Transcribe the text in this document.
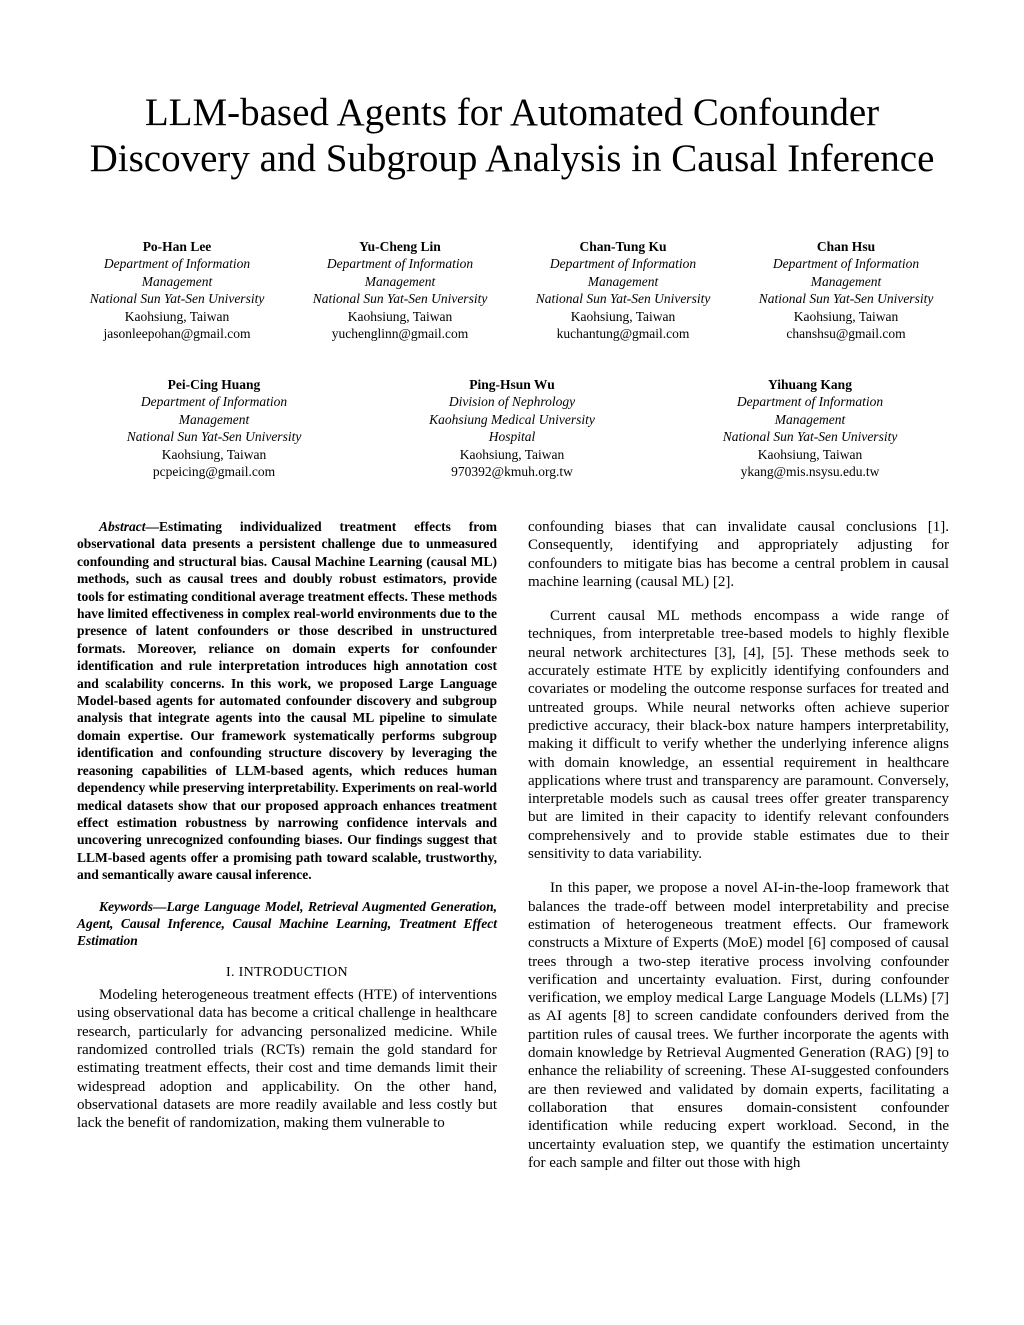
LLM-based Agents for Automated Confounder
Discovery and Subgroup Analysis in Causal Inference
Po-Han Lee
Department of Information
Management
National Sun Yat-Sen University
Kaohsiung, Taiwan
jasonleepohan@gmail.com
Yu-Cheng Lin
Department of Information
Management
National Sun Yat-Sen University
Kaohsiung, Taiwan
yuchenglinn@gmail.com
Chan-Tung Ku
Department of Information
Management
National Sun Yat-Sen University
Kaohsiung, Taiwan
kuchantung@gmail.com
Chan Hsu
Department of Information
Management
National Sun Yat-Sen University
Kaohsiung, Taiwan
chanshsu@gmail.com
Pei-Cing Huang
Department of Information
Management
National Sun Yat-Sen University
Kaohsiung, Taiwan
pcpeicing@gmail.com
Ping-Hsun Wu
Division of Nephrology
Kaohsiung Medical University
Hospital
Kaohsiung, Taiwan
970392@kmuh.org.tw
Yihuang Kang
Department of Information
Management
National Sun Yat-Sen University
Kaohsiung, Taiwan
ykang@mis.nsysu.edu.tw

Abstract—Estimating individualized treatment effects from observational data presents a persistent challenge due to unmeasured confounding and structural bias. Causal Machine Learning (causal ML) methods, such as causal trees and doubly robust estimators, provide tools for estimating conditional average treatment effects. These methods have limited effectiveness in complex real-world environments due to the presence of latent confounders or those described in unstructured formats. Moreover, reliance on domain experts for confounder identification and rule interpretation introduces high annotation cost and scalability concerns. In this work, we proposed Large Language Model-based agents for automated confounder discovery and subgroup analysis that integrate agents into the causal ML pipeline to simulate domain expertise. Our framework systematically performs subgroup identification and confounding structure discovery by leveraging the reasoning capabilities of LLM-based agents, which reduces human dependency while preserving interpretability. Experiments on real-world medical datasets show that our proposed approach enhances treatment effect estimation robustness by narrowing confidence intervals and uncovering unrecognized confounding biases. Our findings suggest that LLM-based agents offer a promising path toward scalable, trustworthy, and semantically aware causal inference.

Keywords—Large Language Model, Retrieval Augmented Generation, Agent, Causal Inference, Causal Machine Learning, Treatment Effect Estimation

I. INTRODUCTION

Modeling heterogeneous treatment effects (HTE) of interventions using observational data has become a critical challenge in healthcare research, particularly for advancing personalized medicine. While randomized controlled trials (RCTs) remain the gold standard for estimating treatment effects, their cost and time demands limit their widespread adoption and applicability. On the other hand, observational datasets are more readily available and less costly but lack the benefit of randomization, making them vulnerable to

confounding biases that can invalidate causal conclusions [1]. Consequently, identifying and appropriately adjusting for confounders to mitigate bias has become a central problem in causal machine learning (causal ML) [2].

Current causal ML methods encompass a wide range of techniques, from interpretable tree-based models to highly flexible neural network architectures [3], [4], [5]. These methods seek to accurately estimate HTE by explicitly identifying confounders and covariates or modeling the outcome response surfaces for treated and untreated groups. While neural networks often achieve superior predictive accuracy, their black-box nature hampers interpretability, making it difficult to verify whether the underlying inference aligns with domain knowledge, an essential requirement in healthcare applications where trust and transparency are paramount. Conversely, interpretable models such as causal trees offer greater transparency but are limited in their capacity to identify relevant confounders comprehensively and to provide stable estimates due to their sensitivity to data variability.

In this paper, we propose a novel AI-in-the-loop framework that balances the trade-off between model interpretability and precise estimation of heterogeneous treatment effects. Our framework constructs a Mixture of Experts (MoE) model [6] composed of causal trees through a two-step iterative process involving confounder verification and uncertainty evaluation. First, during confounder verification, we employ medical Large Language Models (LLMs) [7] as AI agents [8] to screen candidate confounders derived from the partition rules of causal trees. We further incorporate the agents with domain knowledge by Retrieval Augmented Generation (RAG) [9] to enhance the reliability of screening. These AI-suggested confounders are then reviewed and validated by domain experts, facilitating a collaboration that ensures domain-consistent confounder identification while reducing expert workload. Second, in the uncertainty evaluation step, we quantify the estimation uncertainty for each sample and filter out those with high
